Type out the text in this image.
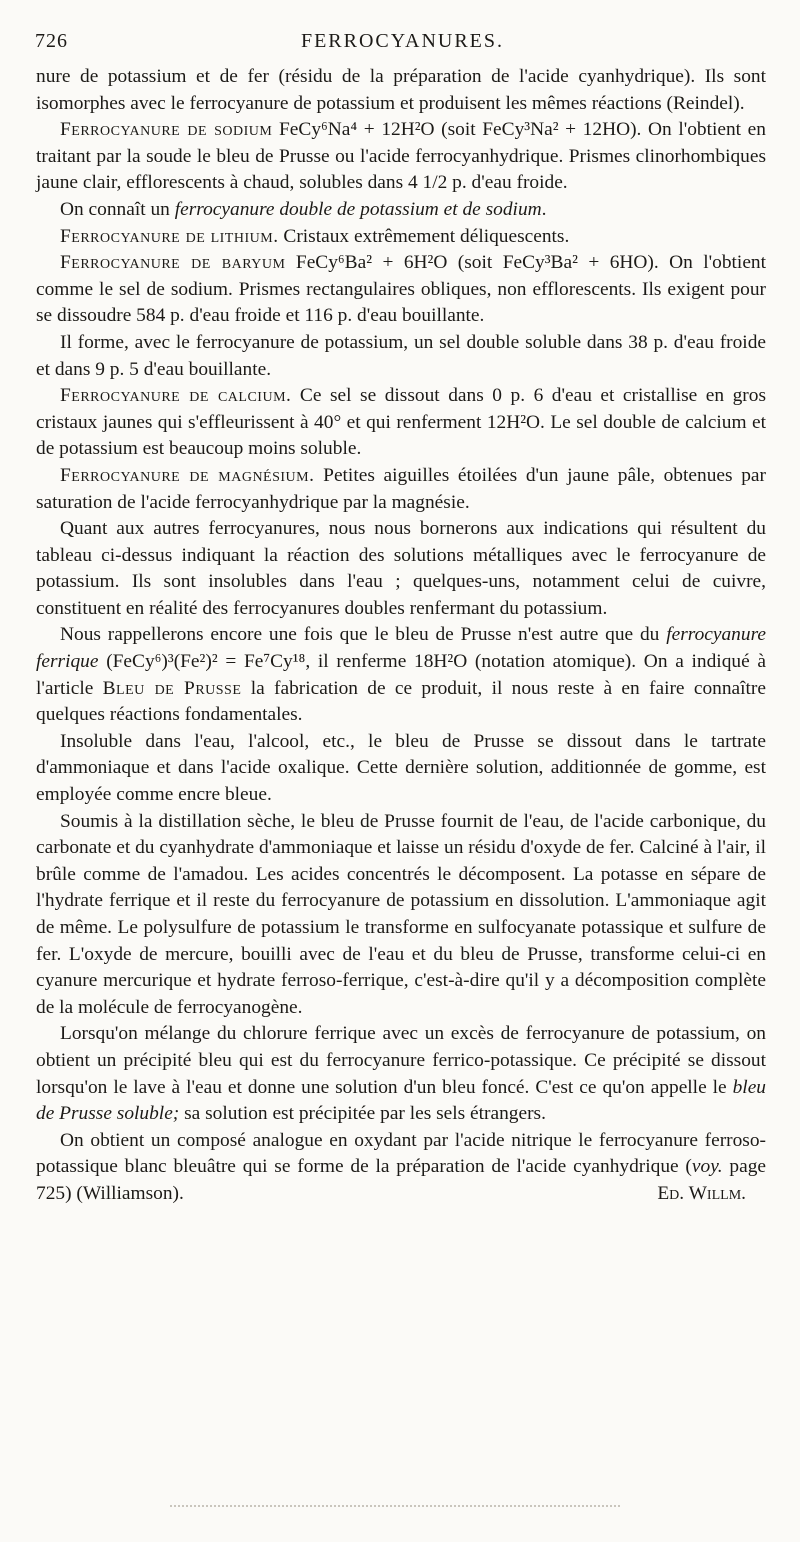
726	FERROCYANURES.

nure de potassium et de fer (résidu de la préparation de l'acide cyanhydrique). Ils sont isomorphes avec le ferrocyanure de potassium et produisent les mêmes réactions (Reindel).

Ferrocyanure de sodium FeCy⁶Na⁴ + 12H²O (soit FeCy³Na² + 12HO). On l'obtient en traitant par la soude le bleu de Prusse ou l'acide ferrocyanhydrique. Prismes clinorhombiques jaune clair, efflorescents à chaud, solubles dans 4 1/2 p. d'eau froide.

On connaît un ferrocyanure double de potassium et de sodium.

Ferrocyanure de lithium. Cristaux extrêmement déliquescents.

Ferrocyanure de baryum FeCy⁶Ba² + 6H²O (soit FeCy³Ba² + 6HO). On l'obtient comme le sel de sodium. Prismes rectangulaires obliques, non efflorescents. Ils exigent pour se dissoudre 584 p. d'eau froide et 116 p. d'eau bouillante.

Il forme, avec le ferrocyanure de potassium, un sel double soluble dans 38 p. d'eau froide et dans 9 p. 5 d'eau bouillante.

Ferrocyanure de calcium. Ce sel se dissout dans 0 p. 6 d'eau et cristallise en gros cristaux jaunes qui s'effleurissent à 40° et qui renferment 12H²O. Le sel double de calcium et de potassium est beaucoup moins soluble.

Ferrocyanure de magnésium. Petites aiguilles étoilées d'un jaune pâle, obtenues par saturation de l'acide ferrocyanhydrique par la magnésie.

Quant aux autres ferrocyanures, nous nous bornerons aux indications qui résultent du tableau ci-dessus indiquant la réaction des solutions métalliques avec le ferrocyanure de potassium. Ils sont insolubles dans l'eau ; quelques-uns, notamment celui de cuivre, constituent en réalité des ferrocyanures doubles renfermant du potassium.

Nous rappellerons encore une fois que le bleu de Prusse n'est autre que du ferrocyanure ferrique (FeCy⁶)³(Fe²)² = Fe⁷Cy¹⁸, il renferme 18H²O (notation atomique). On a indiqué à l'article Bleu de Prusse la fabrication de ce produit, il nous reste à en faire connaître quelques réactions fondamentales.

Insoluble dans l'eau, l'alcool, etc., le bleu de Prusse se dissout dans le tartrate d'ammoniaque et dans l'acide oxalique. Cette dernière solution, additionnée de gomme, est employée comme encre bleue.

Soumis à la distillation sèche, le bleu de Prusse fournit de l'eau, de l'acide carbonique, du carbonate et du cyanhydrate d'ammoniaque et laisse un résidu d'oxyde de fer. Calciné à l'air, il brûle comme de l'amadou. Les acides concentrés le décomposent. La potasse en sépare de l'hydrate ferrique et il reste du ferrocyanure de potassium en dissolution. L'ammoniaque agit de même. Le polysulfure de potassium le transforme en sulfocyanate potassique et sulfure de fer. L'oxyde de mercure, bouilli avec de l'eau et du bleu de Prusse, transforme celui-ci en cyanure mercurique et hydrate ferroso-ferrique, c'est-à-dire qu'il y a décomposition complète de la molécule de ferrocyanogène.

Lorsqu'on mélange du chlorure ferrique avec un excès de ferrocyanure de potassium, on obtient un précipité bleu qui est du ferrocyanure ferrico-potassique. Ce précipité se dissout lorsqu'on le lave à l'eau et donne une solution d'un bleu foncé. C'est ce qu'on appelle le bleu de Prusse soluble; sa solution est précipitée par les sels étrangers.

On obtient un composé analogue en oxydant par l'acide nitrique le ferrocyanure ferroso-potassique blanc bleuâtre qui se forme de la préparation de l'acide cyanhydrique (voy. page 725) (Williamson).	Ed. Willm.
